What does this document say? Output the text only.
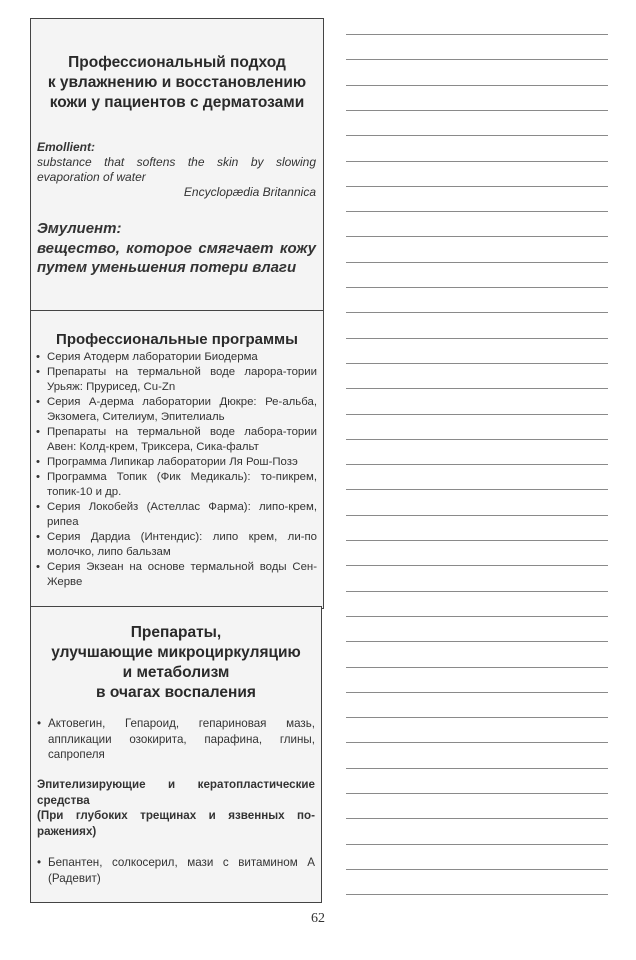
Профессиональный подход
к увлажнению и восстановлению
кожи у пациентов с дерматозами
Emollient:
substance that softens the skin by slowing evaporation of water
Encyclopædia Britannica
Эмулиент:
вещество, которое смягчает кожу путем уменьшения потери влаги
Профессиональные программы
• Серия Атодерм лаборатории Биодерма
• Препараты на термальной воде ларора-тории Урьяж: Прурисед, Cu-Zn
• Серия А-дерма лаборатории Дюкре: Ре-альба, Экзомега, Сителиум, Эпителиаль
• Препараты на термальной воде лабора-тории Авен: Колд-крем, Триксера, Сика-фальт
• Программа Липикар лаборатории Ля Рош-Позэ
• Программа Топик (Фик Медикаль): то-пикрем, топик-10 и др.
• Серия Локобейз (Астеллас Фарма): липо-крем, рипеа
• Серия Дардиа (Интендис): липо крем, ли-по молочко, липо бальзам
• Серия Экзеан на основе термальной воды Сен-Жерве
Препараты,
улучшающие микроциркуляцию
и метаболизм
в очагах воспаления
• Актовегин, Гепароид, гепариновая мазь, аппликации озокирита, парафина, глины, сапропеля
Эпителизирующие и кератопластические средства
(При глубоких трещинах и язвенных по-ражениях)
• Бепантен, солкосерил, мази с витамином А (Радевит)
62
